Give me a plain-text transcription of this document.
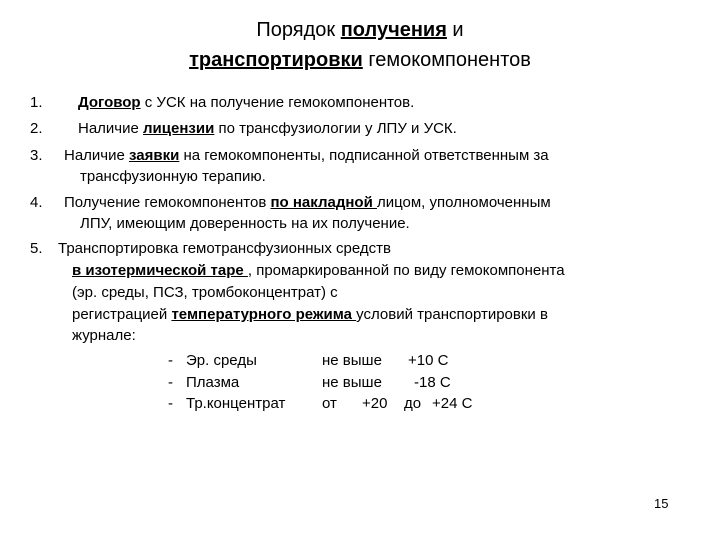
Порядок получения и
транспортировки гемокомпонентов
1. Договор с УСК на получение гемокомпонентов.
2. Наличие лицензии по трансфузиологии у ЛПУ и УСК.
3. Наличие заявки на гемокомпоненты, подписанной ответственным за
трансфузионную терапию.
4. Получение гемокомпонентов по накладной лицом, уполномоченным
ЛПУ, имеющим доверенность на их получение.
5. Транспортировка гемотрансфузионных средств
в изотермической таре , промаркированной по виду гемокомпонента
(эр. среды, ПСЗ, тромбоконцентрат) с
регистрацией температурного режима условий транспортировки в
журнале:
- Эр. среды	не выше +10 С
- Плазма	не выше -18 С
- Тр.концентрат от +20 до +24 С
15
